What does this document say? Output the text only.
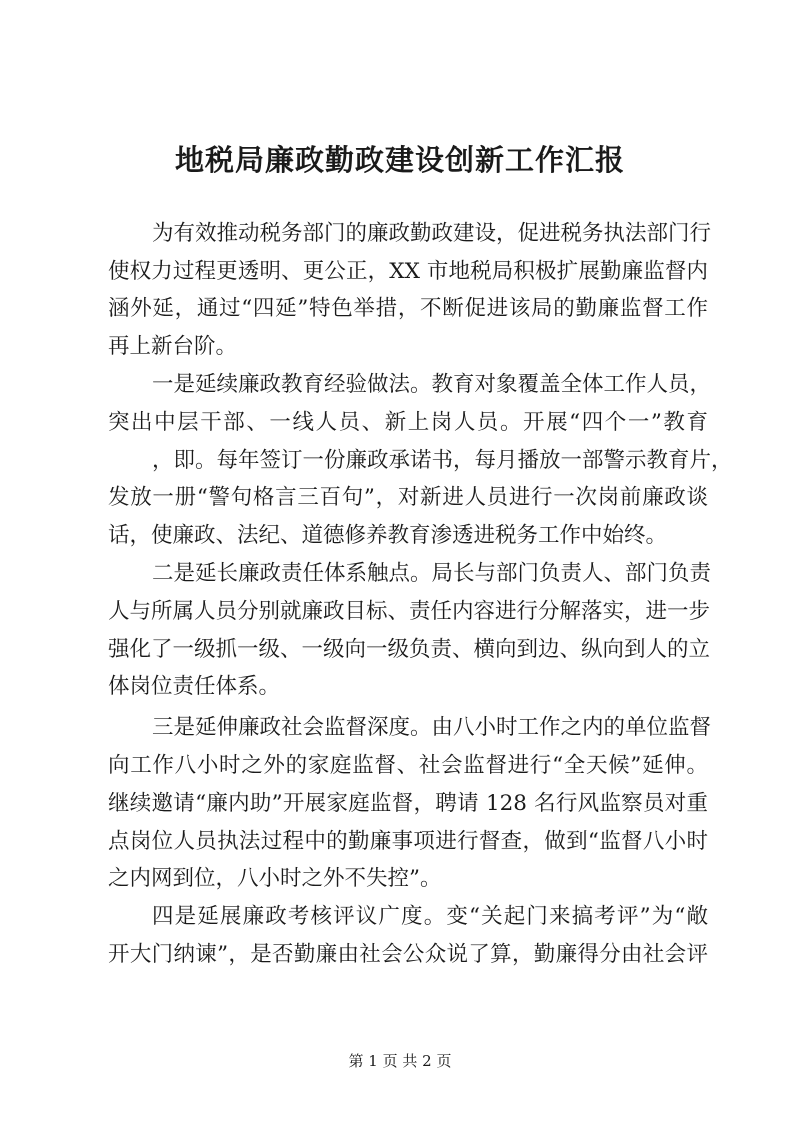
地税局廉政勤政建设创新工作汇报

为有效推动税务部门的廉政勤政建设，促进税务执法部门行

使权力过程更透明、更公正，XX 市地税局积极扩展勤廉监督内

涵外延，通过“四延”特色举措，不断促进该局的勤廉监督工作

再上新台阶。

一是延续廉政教育经验做法。教育对象覆盖全体工作人员，

突出中层干部、一线人员、新上岗人员。开展“四个一”教育

，即。每年签订一份廉政承诺书，每月播放一部警示教育片，

发放一册“警句格言三百句”，对新进人员进行一次岗前廉政谈

话，使廉政、法纪、道德修养教育渗透进税务工作中始终。

二是延长廉政责任体系触点。局长与部门负责人、部门负责

人与所属人员分别就廉政目标、责任内容进行分解落实，进一步

强化了一级抓一级、一级向一级负责、横向到边、纵向到人的立

体岗位责任体系。

三是延伸廉政社会监督深度。由八小时工作之内的单位监督

向工作八小时之外的家庭监督、社会监督进行“全天候”延伸。

继续邀请“廉内助”开展家庭监督，聘请 128 名行风监察员对重

点岗位人员执法过程中的勤廉事项进行督查，做到“监督八小时

之内网到位，八小时之外不失控”。

四是延展廉政考核评议广度。变“关起门来搞考评”为“敞

开大门纳谏”，是否勤廉由社会公众说了算，勤廉得分由社会评

第 1 页 共 2 页
